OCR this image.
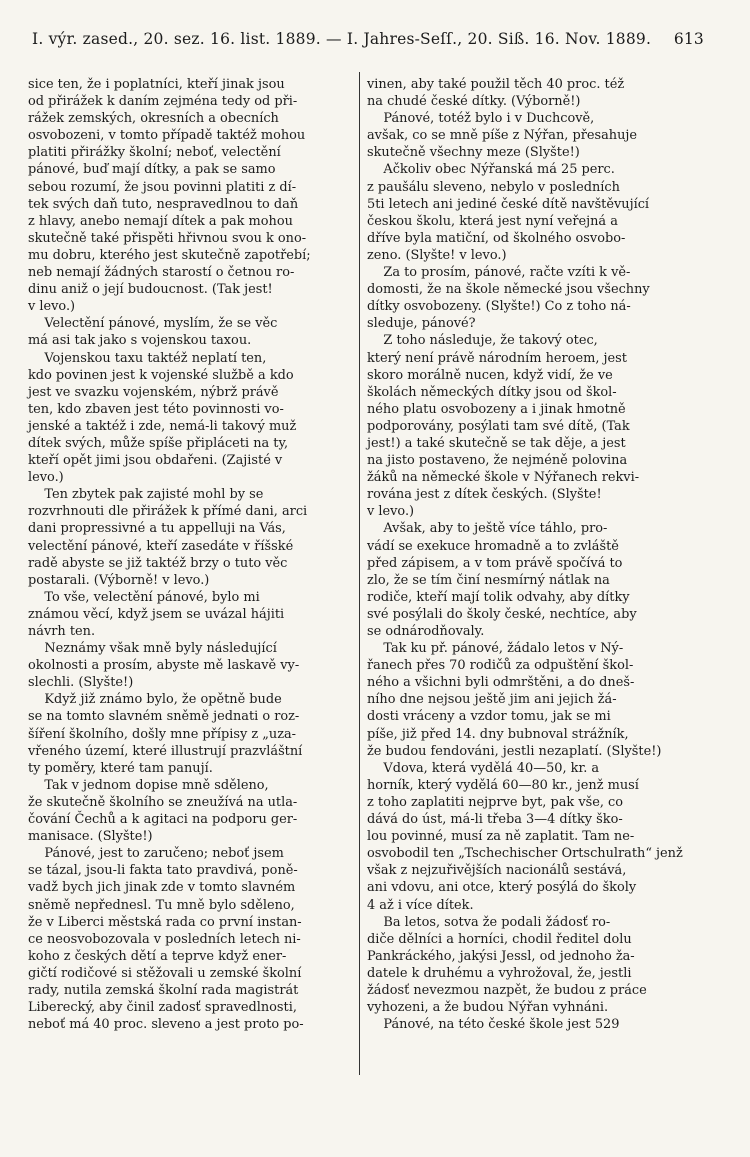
I. výr. zased., 20. sez. 16. list. 1889. — I. Jahres-Seſſ., 20. Siß. 16. Nov. 1889. 613

sice ten, že i poplatníci, kteří jinak jsou
od přirážek k daním zejména tedy od při-
rážek zemských, okresních a obecních
osvobozeni, v tomto případě taktéž mohou
platiti přirážky školní; neboť, velectění
pánové, buď mají dítky, a pak se samo
sebou rozumí, že jsou povinni platiti z dí-
tek svých daň tuto, nespravedlnou to daň
z hlavy, anebo nemají dítek a pak mohou
skutečně také přispěti hřivnou svou k ono-
mu dobru, kterého jest skutečně zapotřebí;
neb nemají žádných starostí o četnou ro-
dinu aniž o její budoucnost. (Tak jest!
v levo.)

Velectění pánové, myslím, že se věc
má asi tak jako s vojenskou taxou.

Vojenskou taxu taktéž neplatí ten,
kdo povinen jest k vojenské službě a kdo
jest ve svazku vojenském, nýbrž právě
ten, kdo zbaven jest této povinnosti vo-
jenské a taktéž i zde, nemá-li takový muž
dítek svých, může spíše připláceti na ty,
kteří opět jimi jsou obdařeni. (Zajisté v
levo.)

Ten zbytek pak zajisté mohl by se
rozvrhnouti dle přirážek k přímé dani, arci
dani propressivné a tu appelluji na Vás,
velectění pánové, kteří zasedáte v říšské
radě abyste se již taktéž brzy o tuto věc
postarali. (Výborně! v levo.)

To vše, velectění pánové, bylo mi
známou věcí, když jsem se uvázal hájiti
návrh ten.

Neznámy však mně byly následující
okolnosti a prosím, abyste mě laskavě vy-
slechli. (Slyšte!)

Když již známo bylo, že opětně bude
se na tomto slavném sněmě jednati o roz-
šíření školního, došly mne přípisy z „uza-
vřeného území, které illustrují prazvláštní
ty poměry, které tam panují.

Tak v jednom dopise mně sděleno,
že skutečně školního se zneužívá na utla-
čování Čechů a k agitaci na podporu ger-
manisace. (Slyšte!)

Pánové, jest to zaručeno; neboť jsem
se tázal, jsou-li fakta tato pravdivá, poně-
vadž bych jich jinak zde v tomto slavném
sněmě nepřednesl. Tu mně bylo sděleno,
že v Liberci městská rada co první instan-
ce neosvobozovala v posledních letech ni-
koho z českých dětí a teprve když ener-
gičtí rodičové si stěžovali u zemské školní
rady, nutila zemská školní rada magistrát
Liberecký, aby činil zadosť spravedlnosti,
neboť má 40 proc. sleveno a jest proto po-

vinen, aby také použil těch 40 proc. též
na chudé české dítky. (Výborně!)

Pánové, totéž bylo i v Duchcově,
avšak, co se mně píše z Nýřan, přesahuje
skutečně všechny meze (Slyšte!)

Ačkoliv obec Nýřanská má 25 perc.
z paušálu sleveno, nebylo v posledních
5ti letech ani jediné české dítě navštěvující
českou školu, která jest nyní veřejná a
dříve byla matiční, od školného osvobo-
zeno. (Slyšte! v levo.)

Za to prosím, pánové, račte vzíti k vě-
domosti, že na škole německé jsou všechny
dítky osvobozeny. (Slyšte!) Co z toho ná-
sleduje, pánové?

Z toho následuje, že takový otec,
který není právě národním heroem, jest
skoro morálně nucen, když vidí, že ve
školách německých dítky jsou od škol-
ného platu osvobozeny a i jinak hmotně
podporovány, posýlati tam své dítě, (Tak
jest!) a také skutečně se tak děje, a jest
na jisto postaveno, že nejméně polovina
žáků na německé škole v Nýřanech rekvi-
rována jest z dítek českých. (Slyšte!
v levo.)

Avšak, aby to ještě více táhlo, pro-
vádí se exekuce hromadně a to zvláště
před zápisem, a v tom právě spočívá to
zlo, že se tím činí nesmírný nátlak na
rodiče, kteří mají tolik odvahy, aby dítky
své posýlali do školy české, nechtíce, aby
se odnárodňovaly.

Tak ku př. pánové, žádalo letos v Ný-
řanech přes 70 rodičů za odpuštění škol-
ného a všichni byli odmrštěni, a do dneš-
ního dne nejsou ještě jim ani jejich žá-
dosti vráceny a vzdor tomu, jak se mi
píše, již před 14. dny bubnoval strážník,
že budou fendováni, jestli nezaplatí. (Slyšte!)

Vdova, která vydělá 40—50, kr. a
horník, který vydělá 60—80 kr., jenž musí
z toho zaplatiti nejprve byt, pak vše, co
dává do úst, má-li třeba 3—4 dítky ško-
lou povinné, musí za ně zaplatit. Tam ne-
osvobodil ten „Tschechischer Ortschulrath“ jenž
však z nejzuřivějších nacionálů sestává,
ani vdovu, ani otce, který posýlá do školy
4 až i více dítek.

Ba letos, sotva že podali žádosť ro-
diče dělníci a horníci, chodil ředitel dolu
Pankráckého, jakýsi Jessl, od jednoho ža-
datele k druhému a vyhrožoval, že, jestli
žádosť nevezmou nazpět, že budou z práce
vyhozeni, a že budou Nýřan vyhnáni.

Pánové, na této české škole jest 529
